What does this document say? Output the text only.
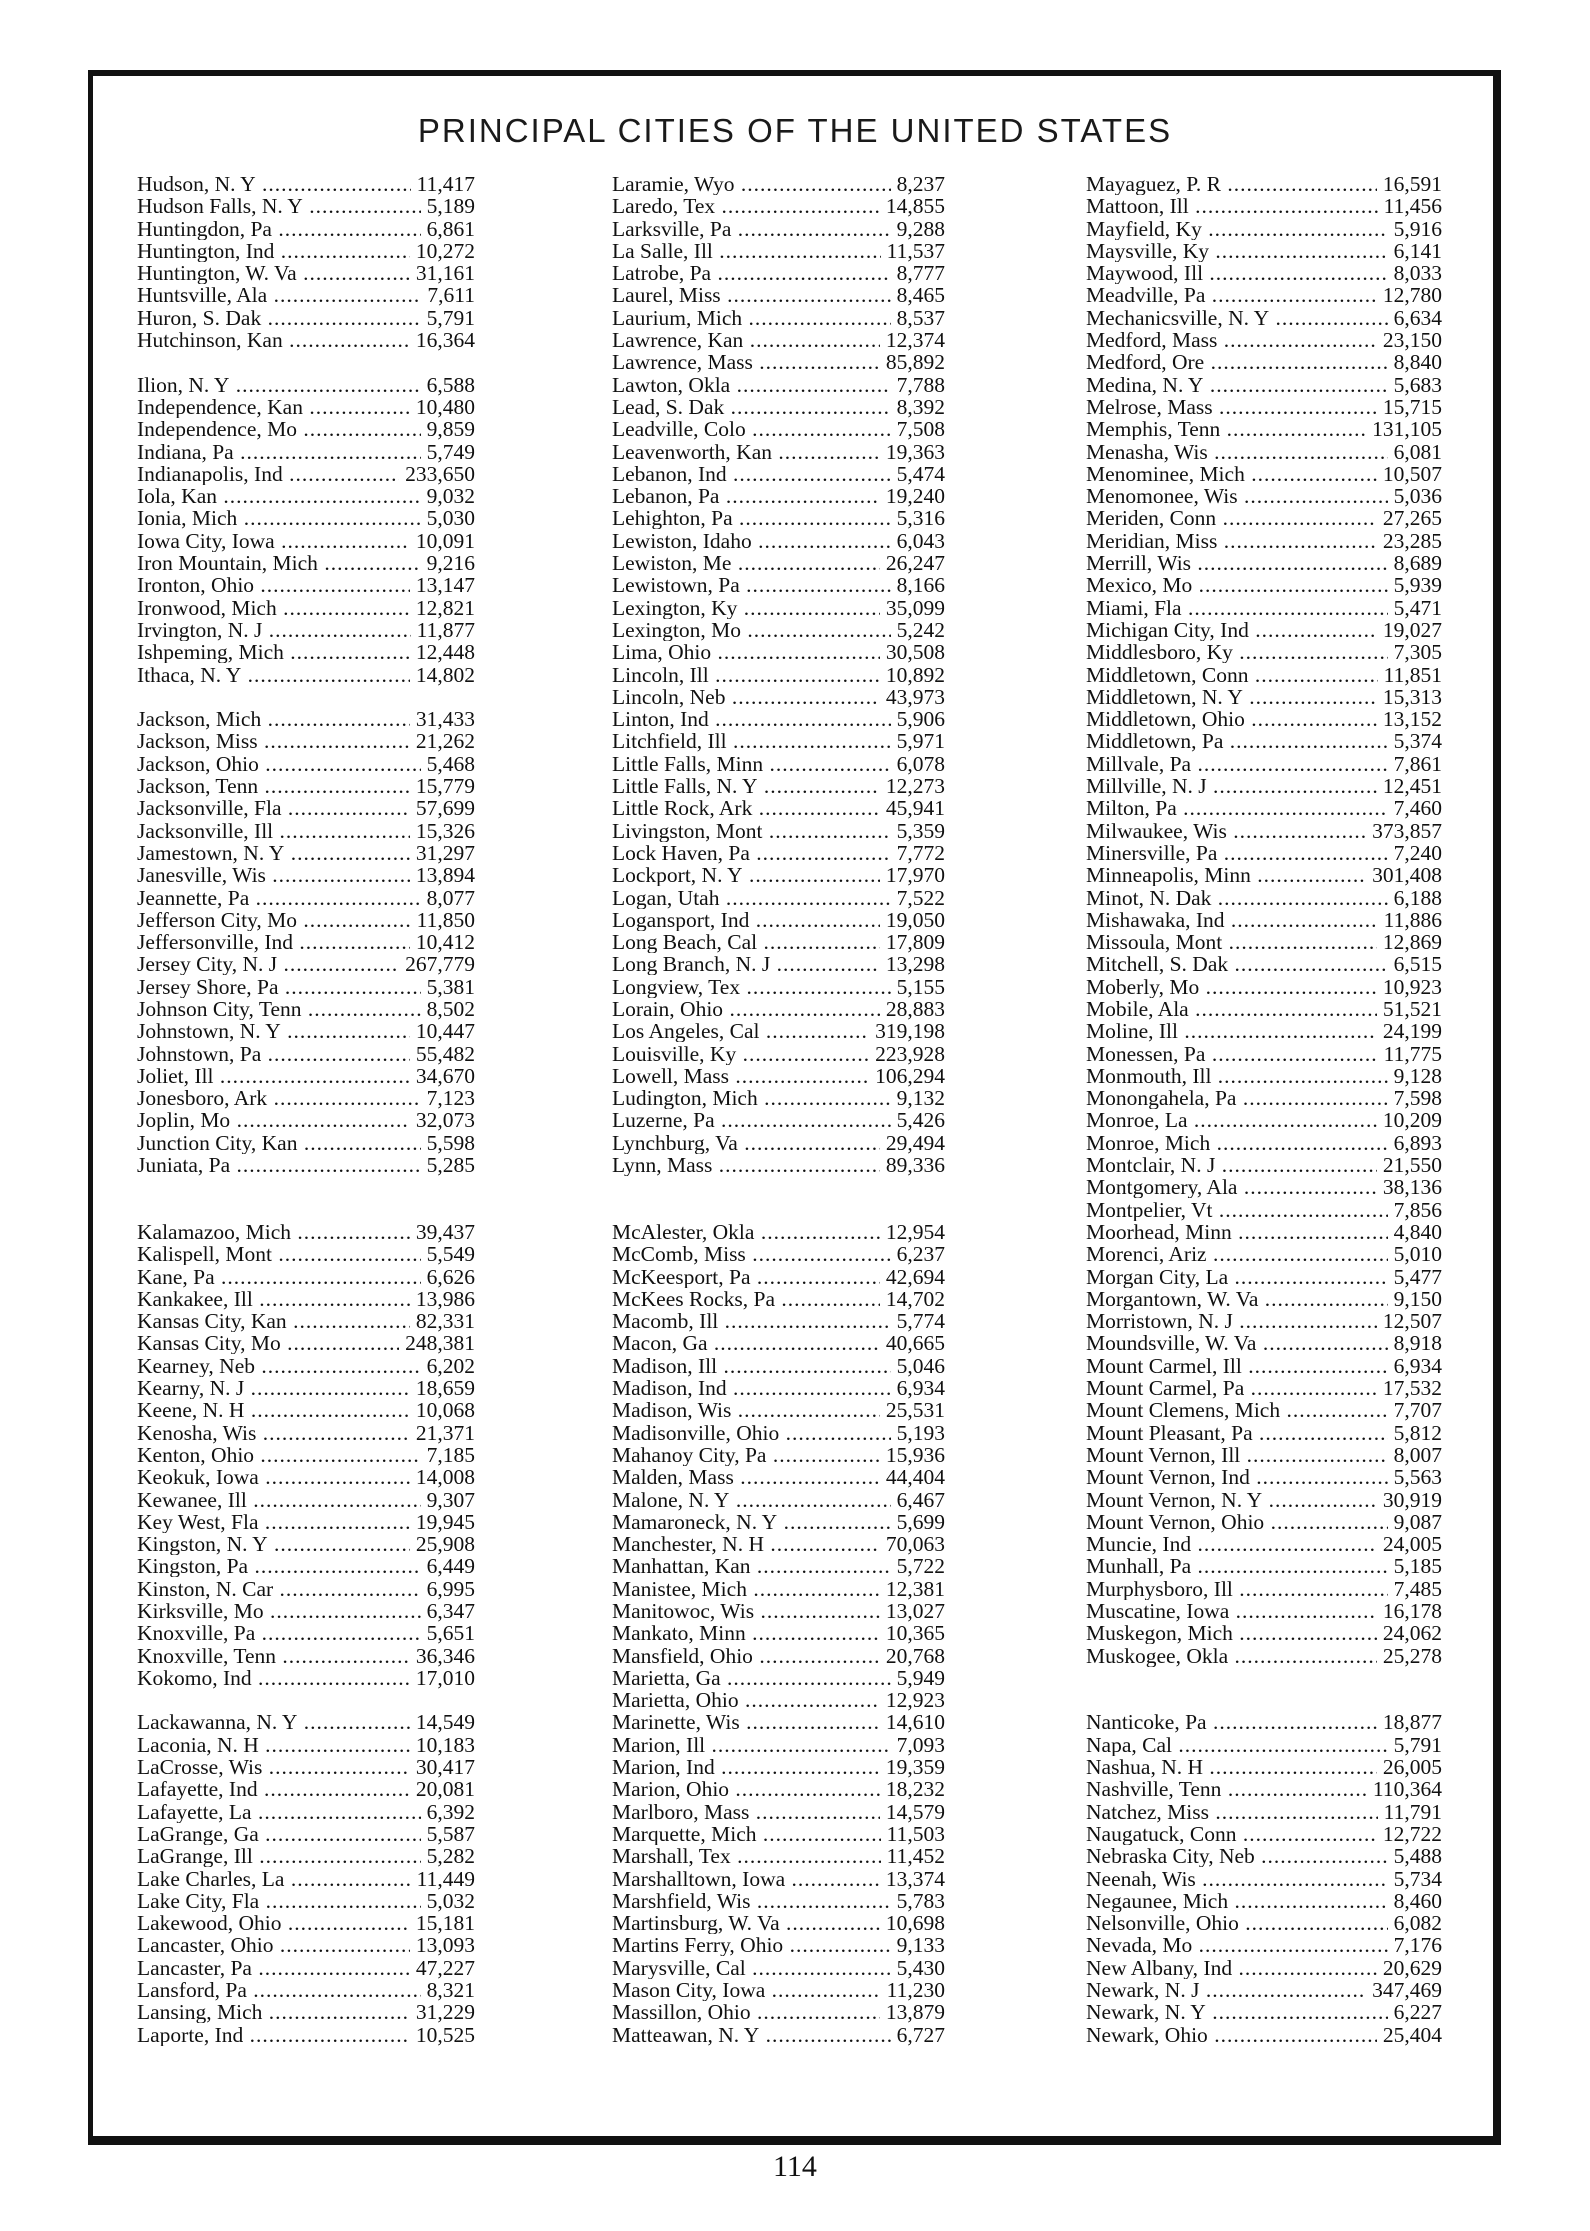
PRINCIPAL CITIES OF THE UNITED STATES
Hudson, N. Y .....	11,417
Hudson Falls, N. Y .....	5,189
Huntingdon, Pa .....	6,861
Huntington, Ind .....	10,272
Huntington, W. Va .....	31,161
Huntsville, Ala .....	7,611
Huron, S. Dak .....	5,791
Hutchinson, Kan .....	16,364
Ilion, N. Y .....	6,588
Independence, Kan .....	10,480
Independence, Mo .....	9,859
Indiana, Pa .....	5,749
Indianapolis, Ind .....	233,650
Iola, Kan .....	9,032
Ionia, Mich .....	5,030
Iowa City, Iowa .....	10,091
Iron Mountain, Mich .....	9,216
Ironton, Ohio .....	13,147
Ironwood, Mich .....	12,821
Irvington, N. J .....	11,877
Ishpeming, Mich .....	12,448
Ithaca, N. Y .....	14,802
Jackson, Mich .....	31,433
Jackson, Miss .....	21,262
Jackson, Ohio .....	5,468
Jackson, Tenn .....	15,779
Jacksonville, Fla .....	57,699
Jacksonville, Ill .....	15,326
Jamestown, N. Y .....	31,297
Janesville, Wis .....	13,894
Jeannette, Pa .....	8,077
Jefferson City, Mo .....	11,850
Jeffersonville, Ind .....	10,412
Jersey City, N. J .....	267,779
Jersey Shore, Pa .....	5,381
Johnson City, Tenn .....	8,502
Johnstown, N. Y .....	10,447
Johnstown, Pa .....	55,482
Joliet, Ill .....	34,670
Jonesboro, Ark .....	7,123
Joplin, Mo .....	32,073
Junction City, Kan .....	5,598
Juniata, Pa .....	5,285
Kalamazoo, Mich .....	39,437
Kalispell, Mont .....	5,549
Kane, Pa .....	6,626
Kankakee, Ill .....	13,986
Kansas City, Kan .....	82,331
Kansas City, Mo .....	248,381
Kearney, Neb .....	6,202
Kearny, N. J .....	18,659
Keene, N. H .....	10,068
Kenosha, Wis .....	21,371
Kenton, Ohio .....	7,185
Keokuk, Iowa .....	14,008
Kewanee, Ill .....	9,307
Key West, Fla .....	19,945
Kingston, N. Y .....	25,908
Kingston, Pa .....	6,449
Kinston, N. Car .....	6,995
Kirksville, Mo .....	6,347
Knoxville, Pa .....	5,651
Knoxville, Tenn .....	36,346
Kokomo, Ind .....	17,010
Lackawanna, N. Y .....	14,549
Laconia, N. H .....	10,183
LaCrosse, Wis .....	30,417
Lafayette, Ind .....	20,081
Lafayette, La .....	6,392
LaGrange, Ga .....	5,587
LaGrange, Ill .....	5,282
Lake Charles, La .....	11,449
Lake City, Fla .....	5,032
Lakewood, Ohio .....	15,181
Lancaster, Ohio .....	13,093
Lancaster, Pa .....	47,227
Lansford, Pa .....	8,321
Lansing, Mich .....	31,229
Laporte, Ind .....	10,525
Laramie, Wyo .....	8,237
Laredo, Tex .....	14,855
Larksville, Pa .....	9,288
La Salle, Ill .....	11,537
Latrobe, Pa .....	8,777
Laurel, Miss .....	8,465
Laurium, Mich .....	8,537
Lawrence, Kan .....	12,374
Lawrence, Mass .....	85,892
Lawton, Okla .....	7,788
Lead, S. Dak .....	8,392
Leadville, Colo .....	7,508
Leavenworth, Kan .....	19,363
Lebanon, Ind .....	5,474
Lebanon, Pa .....	19,240
Lehighton, Pa .....	5,316
Lewiston, Idaho .....	6,043
Lewiston, Me .....	26,247
Lewistown, Pa .....	8,166
Lexington, Ky .....	35,099
Lexington, Mo .....	5,242
Lima, Ohio .....	30,508
Lincoln, Ill .....	10,892
Lincoln, Neb .....	43,973
Linton, Ind .....	5,906
Litchfield, Ill .....	5,971
Little Falls, Minn .....	6,078
Little Falls, N. Y .....	12,273
Little Rock, Ark .....	45,941
Livingston, Mont .....	5,359
Lock Haven, Pa .....	7,772
Lockport, N. Y .....	17,970
Logan, Utah .....	7,522
Logansport, Ind .....	19,050
Long Beach, Cal .....	17,809
Long Branch, N. J .....	13,298
Longview, Tex .....	5,155
Lorain, Ohio .....	28,883
Los Angeles, Cal .....	319,198
Louisville, Ky .....	223,928
Lowell, Mass .....	106,294
Ludington, Mich .....	9,132
Luzerne, Pa .....	5,426
Lynchburg, Va .....	29,494
Lynn, Mass .....	89,336
McAlester, Okla .....	12,954
McComb, Miss .....	6,237
McKeesport, Pa .....	42,694
McKees Rocks, Pa .....	14,702
Macomb, Ill .....	5,774
Macon, Ga .....	40,665
Madison, Ill .....	5,046
Madison, Ind .....	6,934
Madison, Wis .....	25,531
Madisonville, Ohio .....	5,193
Mahanoy City, Pa .....	15,936
Malden, Mass .....	44,404
Malone, N. Y .....	6,467
Mamaroneck, N. Y .....	5,699
Manchester, N. H .....	70,063
Manhattan, Kan .....	5,722
Manistee, Mich .....	12,381
Manitowoc, Wis .....	13,027
Mankato, Minn .....	10,365
Mansfield, Ohio .....	20,768
Marietta, Ga .....	5,949
Marietta, Ohio .....	12,923
Marinette, Wis .....	14,610
Marion, Ill .....	7,093
Marion, Ind .....	19,359
Marion, Ohio .....	18,232
Marlboro, Mass .....	14,579
Marquette, Mich .....	11,503
Marshall, Tex .....	11,452
Marshalltown, Iowa .....	13,374
Marshfield, Wis .....	5,783
Martinsburg, W. Va .....	10,698
Martins Ferry, Ohio .....	9,133
Marysville, Cal .....	5,430
Mason City, Iowa .....	11,230
Massillon, Ohio .....	13,879
Matteawan, N. Y .....	6,727
Mayaguez, P. R .....	16,591
Mattoon, Ill .....	11,456
Mayfield, Ky .....	5,916
Maysville, Ky .....	6,141
Maywood, Ill .....	8,033
Meadville, Pa .....	12,780
Mechanicsville, N. Y .....	6,634
Medford, Mass .....	23,150
Medford, Ore .....	8,840
Medina, N. Y .....	5,683
Melrose, Mass .....	15,715
Memphis, Tenn .....	131,105
Menasha, Wis .....	6,081
Menominee, Mich .....	10,507
Menomonee, Wis .....	5,036
Meriden, Conn .....	27,265
Meridian, Miss .....	23,285
Merrill, Wis .....	8,689
Mexico, Mo .....	5,939
Miami, Fla .....	5,471
Michigan City, Ind .....	19,027
Middlesboro, Ky .....	7,305
Middletown, Conn .....	11,851
Middletown, N. Y .....	15,313
Middletown, Ohio .....	13,152
Middletown, Pa .....	5,374
Millvale, Pa .....	7,861
Millville, N. J .....	12,451
Milton, Pa .....	7,460
Milwaukee, Wis .....	373,857
Minersville, Pa .....	7,240
Minneapolis, Minn .....	301,408
Minot, N. Dak .....	6,188
Mishawaka, Ind .....	11,886
Missoula, Mont .....	12,869
Mitchell, S. Dak .....	6,515
Moberly, Mo .....	10,923
Mobile, Ala .....	51,521
Moline, Ill .....	24,199
Monessen, Pa .....	11,775
Monmouth, Ill .....	9,128
Monongahela, Pa .....	7,598
Monroe, La .....	10,209
Monroe, Mich .....	6,893
Montclair, N. J .....	21,550
Montgomery, Ala .....	38,136
Montpelier, Vt .....	7,856
Moorhead, Minn .....	4,840
Morenci, Ariz .....	5,010
Morgan City, La .....	5,477
Morgantown, W. Va .....	9,150
Morristown, N. J .....	12,507
Moundsville, W. Va .....	8,918
Mount Carmel, Ill .....	6,934
Mount Carmel, Pa .....	17,532
Mount Clemens, Mich .....	7,707
Mount Pleasant, Pa .....	5,812
Mount Vernon, Ill .....	8,007
Mount Vernon, Ind .....	5,563
Mount Vernon, N. Y .....	30,919
Mount Vernon, Ohio .....	9,087
Muncie, Ind .....	24,005
Munhall, Pa .....	5,185
Murphysboro, Ill .....	7,485
Muscatine, Iowa .....	16,178
Muskegon, Mich .....	24,062
Muskogee, Okla .....	25,278
Nanticoke, Pa .....	18,877
Napa, Cal .....	5,791
Nashua, N. H .....	26,005
Nashville, Tenn .....	110,364
Natchez, Miss .....	11,791
Naugatuck, Conn .....	12,722
Nebraska City, Neb .....	5,488
Neenah, Wis .....	5,734
Negaunee, Mich .....	8,460
Nelsonville, Ohio .....	6,082
Nevada, Mo .....	7,176
New Albany, Ind .....	20,629
Newark, N. J .....	347,469
Newark, N. Y .....	6,227
Newark, Ohio .....	25,404
114
